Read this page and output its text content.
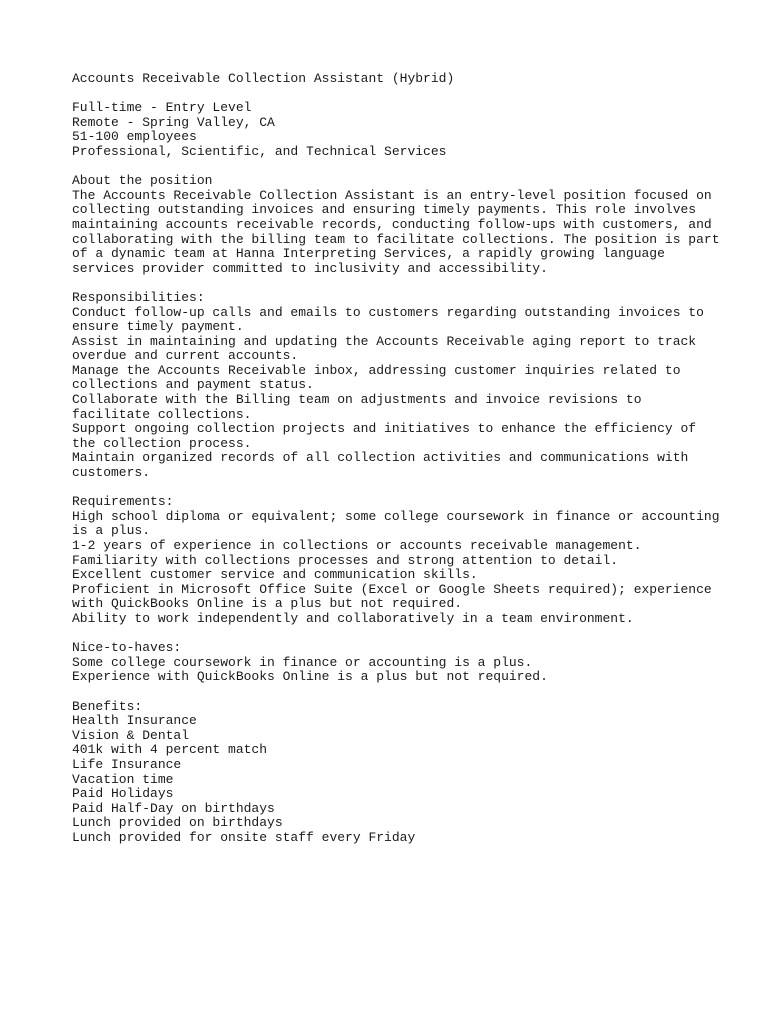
Accounts Receivable Collection Assistant (Hybrid)
Full-time - Entry Level
Remote - Spring Valley, CA
51-100 employees
Professional, Scientific, and Technical Services
About the position
The Accounts Receivable Collection Assistant is an entry-level position focused on
collecting outstanding invoices and ensuring timely payments. This role involves
maintaining accounts receivable records, conducting follow-ups with customers, and
collaborating with the billing team to facilitate collections. The position is part
of a dynamic team at Hanna Interpreting Services, a rapidly growing language
services provider committed to inclusivity and accessibility.
Responsibilities:
Conduct follow-up calls and emails to customers regarding outstanding invoices to
ensure timely payment.
Assist in maintaining and updating the Accounts Receivable aging report to track
overdue and current accounts.
Manage the Accounts Receivable inbox, addressing customer inquiries related to
collections and payment status.
Collaborate with the Billing team on adjustments and invoice revisions to
facilitate collections.
Support ongoing collection projects and initiatives to enhance the efficiency of
the collection process.
Maintain organized records of all collection activities and communications with
customers.
Requirements:
High school diploma or equivalent; some college coursework in finance or accounting
is a plus.
1-2 years of experience in collections or accounts receivable management.
Familiarity with collections processes and strong attention to detail.
Excellent customer service and communication skills.
Proficient in Microsoft Office Suite (Excel or Google Sheets required); experience
with QuickBooks Online is a plus but not required.
Ability to work independently and collaboratively in a team environment.
Nice-to-haves:
Some college coursework in finance or accounting is a plus.
Experience with QuickBooks Online is a plus but not required.
Benefits:
Health Insurance
Vision & Dental
401k with 4 percent match
Life Insurance
Vacation time
Paid Holidays
Paid Half-Day on birthdays
Lunch provided on birthdays
Lunch provided for onsite staff every Friday
